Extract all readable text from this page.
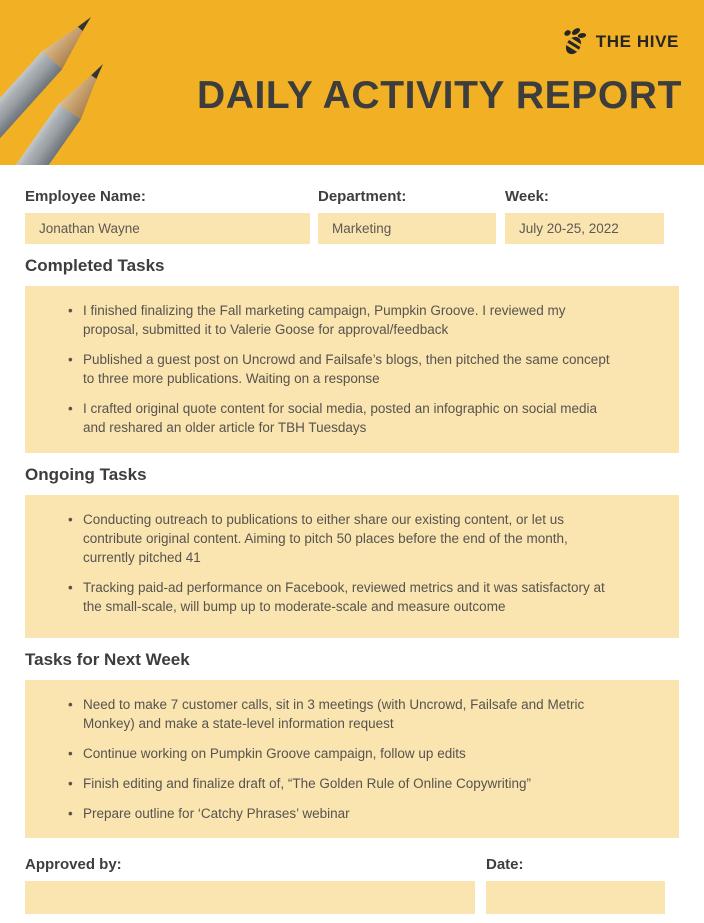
THE HIVE
DAILY ACTIVITY REPORT
Employee Name:
Jonathan Wayne
Department:
Marketing
Week:
July 20-25, 2022
Completed Tasks
• I finished finalizing the Fall marketing campaign, Pumpkin Groove. I reviewed my proposal, submitted it to Valerie Goose for approval/feedback
• Published a guest post on Uncrowd and Failsafe’s blogs, then pitched the same concept to three more publications. Waiting on a response
• I crafted original quote content for social media, posted an infographic on social media and reshared an older article for TBH Tuesdays
Ongoing Tasks
• Conducting outreach to publications to either share our existing content, or let us contribute original content. Aiming to pitch 50 places before the end of the month, currently pitched 41
• Tracking paid-ad performance on Facebook, reviewed metrics and it was satisfactory at the small-scale, will bump up to moderate-scale and measure outcome
Tasks for Next Week
• Need to make 7 customer calls, sit in 3 meetings (with Uncrowd, Failsafe and Metric Monkey) and make a state-level information request
• Continue working on Pumpkin Groove campaign, follow up edits
• Finish editing and finalize draft of, “The Golden Rule of Online Copywriting”
• Prepare outline for ‘Catchy Phrases’ webinar
Approved by:	Date:
